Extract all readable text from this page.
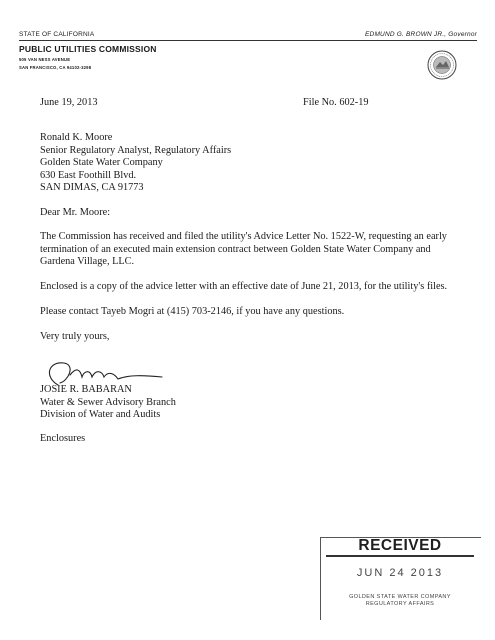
STATE OF CALIFORNIA	EDMUND G. BROWN JR., Governor
PUBLIC UTILITIES COMMISSION
505 VAN NESS AVENUE
SAN FRANCISCO, CA 94102-3298
June 19, 2013	File No. 602-19
Ronald K. Moore
Senior Regulatory Analyst, Regulatory Affairs
Golden State Water Company
630 East Foothill Blvd.
SAN DIMAS, CA 91773
Dear Mr. Moore:
The Commission has received and filed the utility's Advice Letter No. 1522-W, requesting an early
termination of an executed main extension contract between Golden State Water Company and
Gardena Village, LLC.
Enclosed is a copy of the advice letter with an effective date of June 21, 2013, for the utility's files.
Please contact Tayeb Mogri at (415) 703-2146, if you have any questions.
Very truly yours,
JOSIE R. BABARAN
Water & Sewer Advisory Branch
Division of Water and Audits
Enclosures
RECEIVED
JUN 24 2013
GOLDEN STATE WATER COMPANY
REGULATORY AFFAIRS
